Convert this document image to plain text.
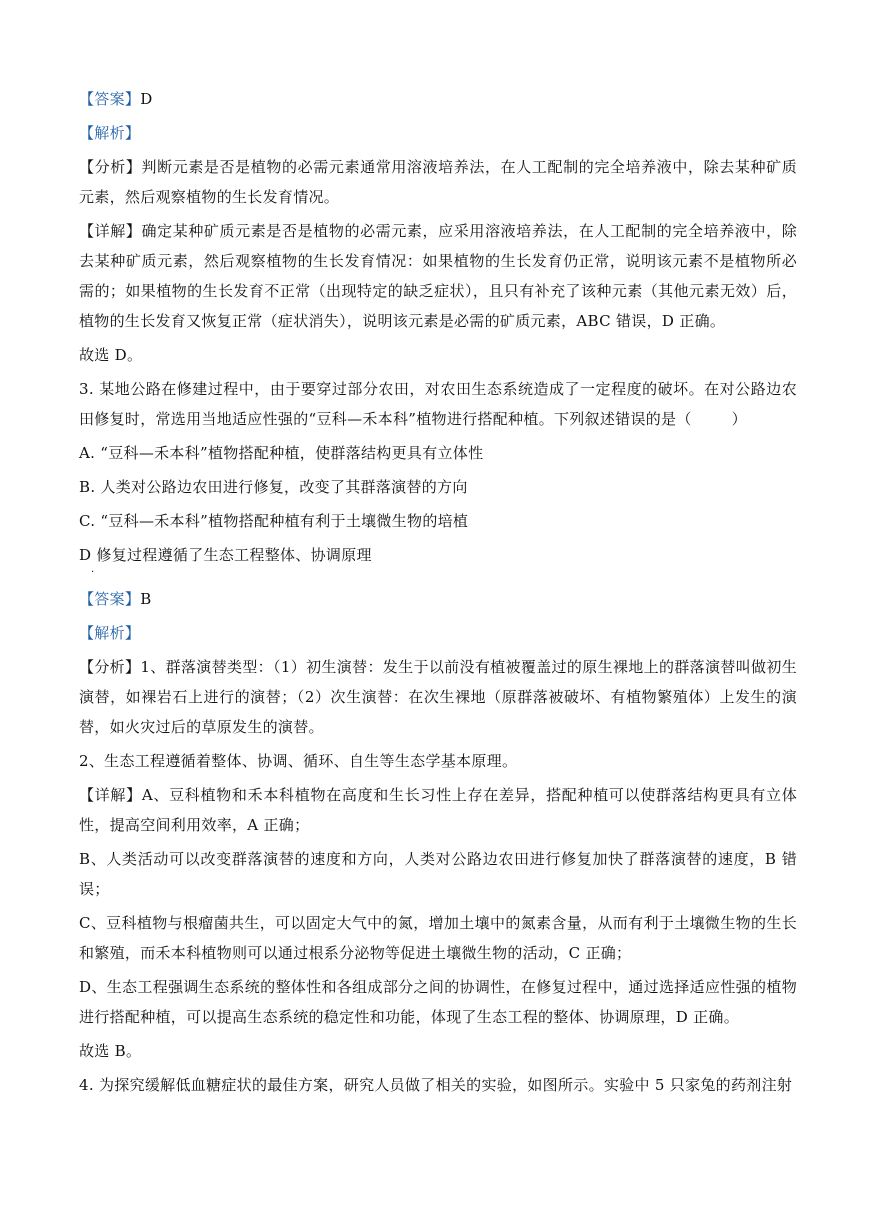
【答案】D

【解析】

【分析】判断元素是否是植物的必需元素通常用溶液培养法，在人工配制的完全培养液中，除去某种矿质元素，然后观察植物的生长发育情况。

【详解】确定某种矿质元素是否是植物的必需元素，应采用溶液培养法，在人工配制的完全培养液中，除去某种矿质元素，然后观察植物的生长发育情况：如果植物的生长发育仍正常，说明该元素不是植物所必需的；如果植物的生长发育不正常（出现特定的缺乏症状），且只有补充了该种元素（其他元素无效）后，植物的生长发育又恢复正常（症状消失），说明该元素是必需的矿质元素，ABC 错误，D 正确。

故选 D。

3. 某地公路在修建过程中，由于要穿过部分农田，对农田生态系统造成了一定程度的破坏。在对公路边农田修复时，常选用当地适应性强的“豆科—禾本科”植物进行搭配种植。下列叙述错误的是（	）

A. “豆科—禾本科”植物搭配种植，使群落结构更具有立体性

B. 人类对公路边农田进行修复，改变了其群落演替的方向

C. “豆科—禾本科”植物搭配种植有利于土壤微生物的培植

D 修复过程遵循了生态工程整体、协调原理

·

【答案】B

【解析】

【分析】1、群落演替类型：（1）初生演替：发生于以前没有植被覆盖过的原生裸地上的群落演替叫做初生演替，如裸岩石上进行的演替；（2）次生演替：在次生裸地（原群落被破坏、有植物繁殖体）上发生的演替，如火灾过后的草原发生的演替。

2、生态工程遵循着整体、协调、循环、自生等生态学基本原理。

【详解】A、豆科植物和禾本科植物在高度和生长习性上存在差异，搭配种植可以使群落结构更具有立体性，提高空间利用效率，A 正确；

B、人类活动可以改变群落演替的速度和方向，人类对公路边农田进行修复加快了群落演替的速度，B 错误；

C、豆科植物与根瘤菌共生，可以固定大气中的氮，增加土壤中的氮素含量，从而有利于土壤微生物的生长和繁殖，而禾本科植物则可以通过根系分泌物等促进土壤微生物的活动，C 正确；

D、生态工程强调生态系统的整体性和各组成部分之间的协调性，在修复过程中，通过选择适应性强的植物进行搭配种植，可以提高生态系统的稳定性和功能，体现了生态工程的整体、协调原理，D 正确。

故选 B。

4. 为探究缓解低血糖症状的最佳方案，研究人员做了相关的实验，如图所示。实验中 5 只家兔的药剂注射
